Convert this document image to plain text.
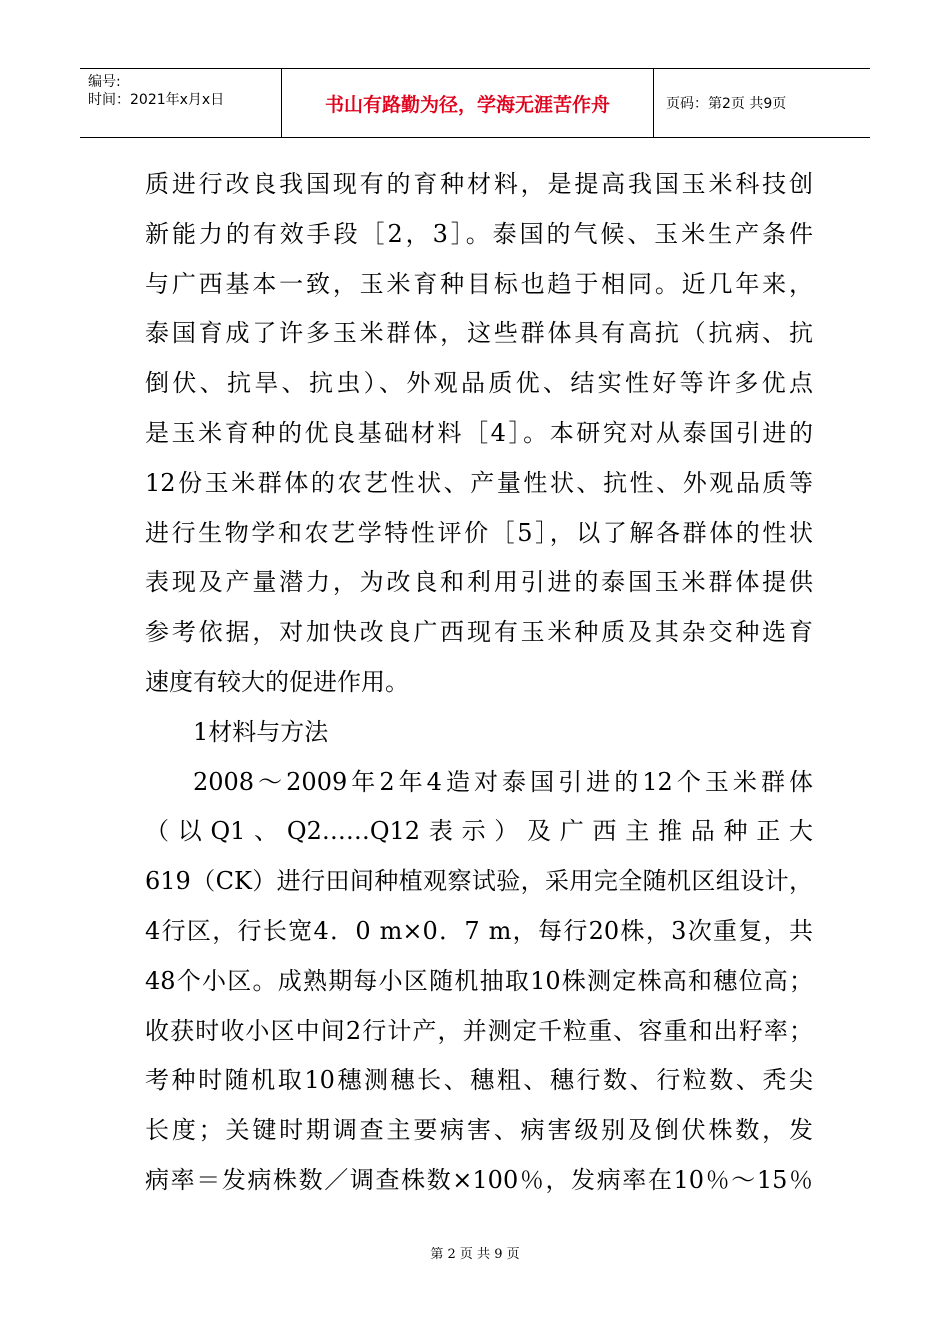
编号:
时间：2021年x月x日	书山有路勤为径，学海无涯苦作舟	页码：第2页 共9页
质进行改良我国现有的育种材料，是提高我国玉米科技创
新能力的有效手段［2，3］。泰国的气候、玉米生产条件
与广西基本一致，玉米育种目标也趋于相同。近几年来，
泰国育成了许多玉米群体，这些群体具有高抗（抗病、抗
倒伏、抗旱、抗虫）、外观品质优、结实性好等许多优点
是玉米育种的优良基础材料［4］。本研究对从泰国引进的
12份玉米群体的农艺性状、产量性状、抗性、外观品质等
进行生物学和农艺学特性评价［5］，以了解各群体的性状
表现及产量潜力，为改良和利用引进的泰国玉米群体提供
参考依据，对加快改良广西现有玉米种质及其杂交种选育
速度有较大的促进作用。
1材料与方法
2008～2009年2年4造对泰国引进的12个玉米群体
（以Q1、Q2……Q12表示）及广西主推品种正大
619（CK）进行田间种植观察试验，采用完全随机区组设计，
4行区，行长宽4．0 m×0．7 m，每行20株，3次重复，共
48个小区。成熟期每小区随机抽取10株测定株高和穗位高；
收获时收小区中间2行计产，并测定千粒重、容重和出籽率；
考种时随机取10穗测穗长、穗粗、穗行数、行粒数、秃尖
长度；关键时期调查主要病害、病害级别及倒伏株数，发
病率＝发病株数／调查株数×100％，发病率在10％～15％
第 2 页 共 9 页
